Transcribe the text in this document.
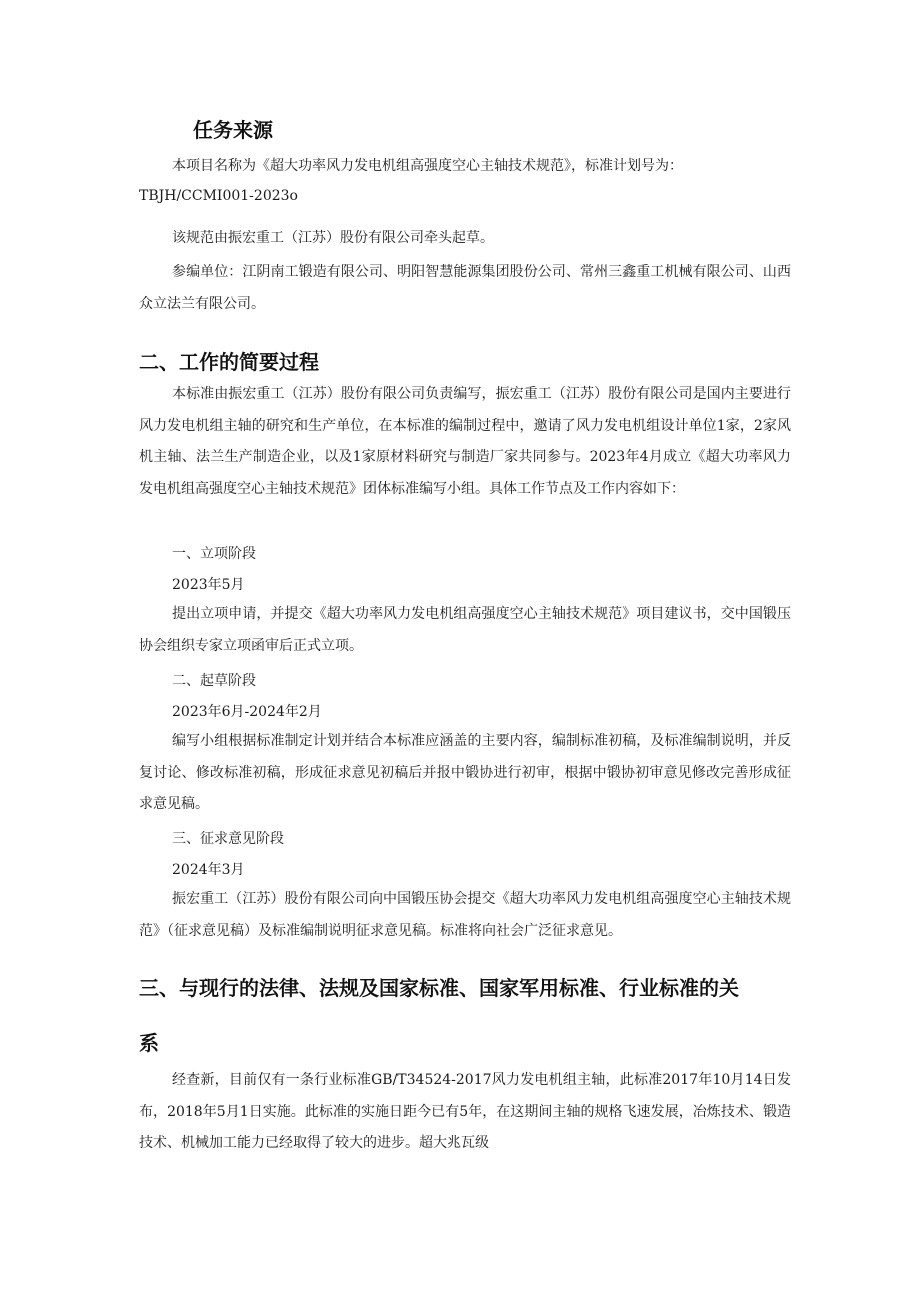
任务来源
本项目名称为《超大功率风力发电机组高强度空心主轴技术规范》，标准计划号为：
TBJH/CCMI001-2023o
该规范由振宏重工（江苏）股份有限公司牵头起草。
参编单位：江阴南工锻造有限公司、明阳智慧能源集团股份公司、常州三鑫重工机械有限公司、山西众立法兰有限公司。
二、工作的简要过程
本标准由振宏重工（江苏）股份有限公司负责编写，振宏重工（江苏）股份有限公司是国内主要进行风力发电机组主轴的研究和生产单位，在本标准的编制过程中，邀请了风力发电机组设计单位1家，2家风机主轴、法兰生产制造企业，以及1家原材料研究与制造厂家共同参与。2023年4月成立《超大功率风力发电机组高强度空心主轴技术规范》团体标准编写小组。具体工作节点及工作内容如下：
一、立项阶段
2023年5月
提出立项申请，并提交《超大功率风力发电机组高强度空心主轴技术规范》项目建议书，交中国锻压协会组织专家立项函审后正式立项。
二、起草阶段
2023年6月-2024年2月
编写小组根据标准制定计划并结合本标准应涵盖的主要内容，编制标准初稿，及标准编制说明，并反复讨论、修改标准初稿，形成征求意见初稿后并报中锻协进行初审，根据中锻协初审意见修改完善形成征求意见稿。
三、征求意见阶段
2024年3月
振宏重工（江苏）股份有限公司向中国锻压协会提交《超大功率风力发电机组高强度空心主轴技术规范》（征求意见稿）及标准编制说明征求意见稿。标准将向社会广泛征求意见。
三、与现行的法律、法规及国家标准、国家军用标准、行业标准的关
系
经查新，目前仅有一条行业标准GB/T34524-2017风力发电机组主轴，此标准2017年10月14日发布，2018年5月1日实施。此标准的实施日距今已有5年，在这期间主轴的规格飞速发展，冶炼技术、锻造技术、机械加工能力已经取得了较大的进步。超大兆瓦级
